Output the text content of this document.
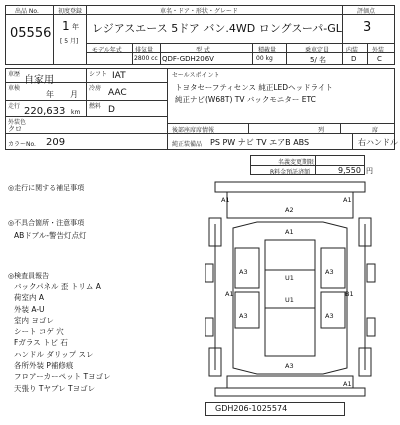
出品 No.
05556
初度登録
1 年
[ 5 月]
車名・ドア・形状・グレード
レジアスエース 5ドア バン.4WD ロングスーパ-GL
評価点
3
モデル年式 排気量	型 式	積載量	乗車定員	内装 外装
2800 cc QDF-GDH206V	00 kg	5/ 名	D	C
車歴
自家用
シフト IAT
車検
年 月
冷房 AAC
走行 220,633 km
燃料 D
外装色
クロ
カラーNo. 209
セールスポイント
トヨタセーフティセンス 純正LEDヘッドライト
純正ナビ(W68T) TV バックモニター ETC
後部座席席情報	列	席
純正装備品 PS PW ナビ TV エアB ABS	右ハンドル
名義変更期限
R料金預託済額	9,550 円
◎走行に関する補足事項
◎不具合箇所・注意事項
ABドブル-警告灯点灯
◎検査員報告
バックパネル 歪 トリム A
荷室内 A
外装 A-U
室内 ヨゴレ
シート コゲ 穴
Fガラス トビ 石
ハンドル ダリップ スレ
各所外装 P補修痕
フロアーカーペット Tヨゴレ
天張り Tヤブレ Tヨゴレ
A1	A1
A2
A1
A3	A3
U1
U1
A1	B1
A3	A3
A3
A1
GDH206-1025574
